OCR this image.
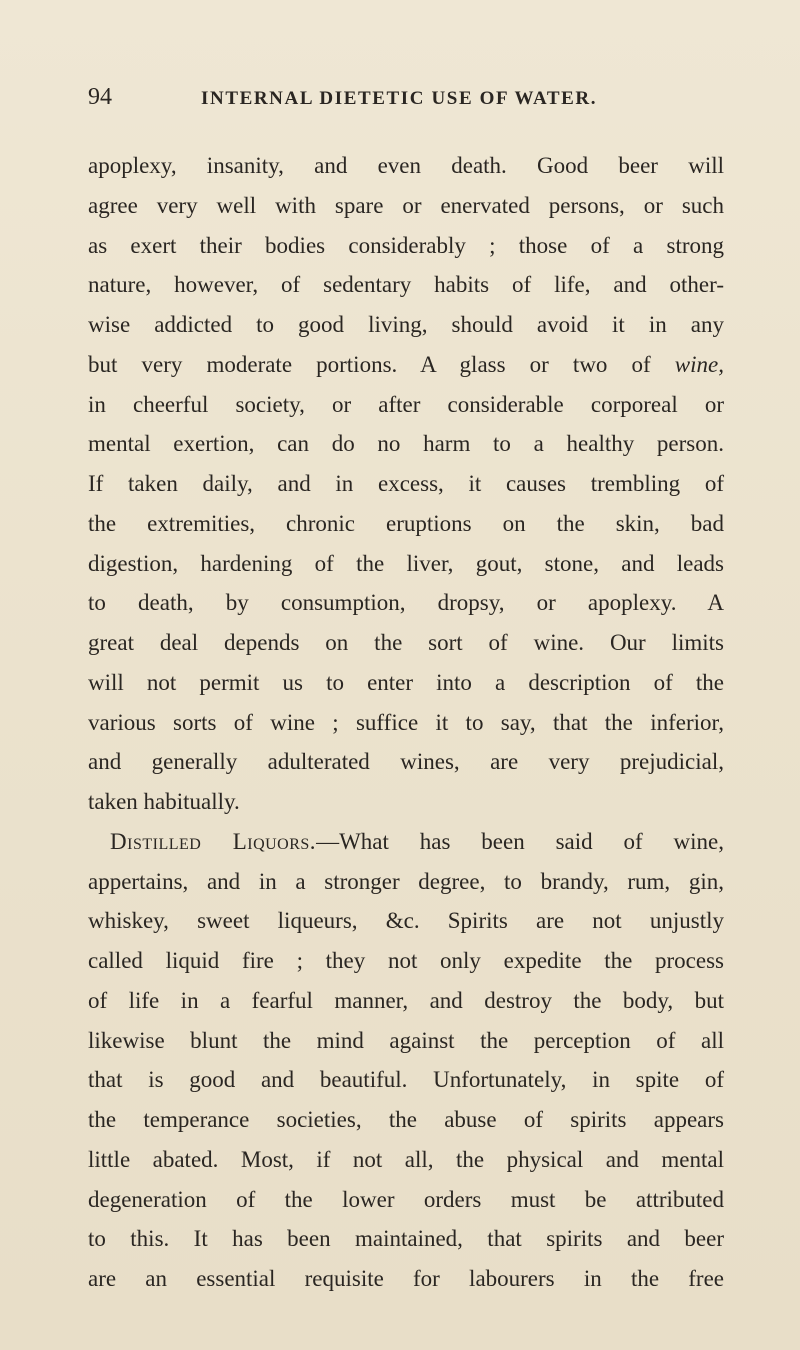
94	INTERNAL DIETETIC USE OF WATER.
apoplexy, insanity, and even death. Good beer will
agree very well with spare or enervated persons, or such
as exert their bodies considerably ; those of a strong
nature, however, of sedentary habits of life, and other-
wise addicted to good living, should avoid it in any
but very moderate portions. A glass or two of wine,
in cheerful society, or after considerable corporeal or
mental exertion, can do no harm to a healthy person.
If taken daily, and in excess, it causes trembling of
the extremities, chronic eruptions on the skin, bad
digestion, hardening of the liver, gout, stone, and leads
to death, by consumption, dropsy, or apoplexy. A
great deal depends on the sort of wine. Our limits
will not permit us to enter into a description of the
various sorts of wine ; suffice it to say, that the inferior,
and generally adulterated wines, are very prejudicial,
taken habitually.
Distilled Liquors.—What has been said of wine,
appertains, and in a stronger degree, to brandy, rum, gin,
whiskey, sweet liqueurs, &c. Spirits are not unjustly
called liquid fire ; they not only expedite the process
of life in a fearful manner, and destroy the body, but
likewise blunt the mind against the perception of all
that is good and beautiful. Unfortunately, in spite of
the temperance societies, the abuse of spirits appears
little abated. Most, if not all, the physical and mental
degeneration of the lower orders must be attributed
to this. It has been maintained, that spirits and beer
are an essential requisite for labourers in the free
